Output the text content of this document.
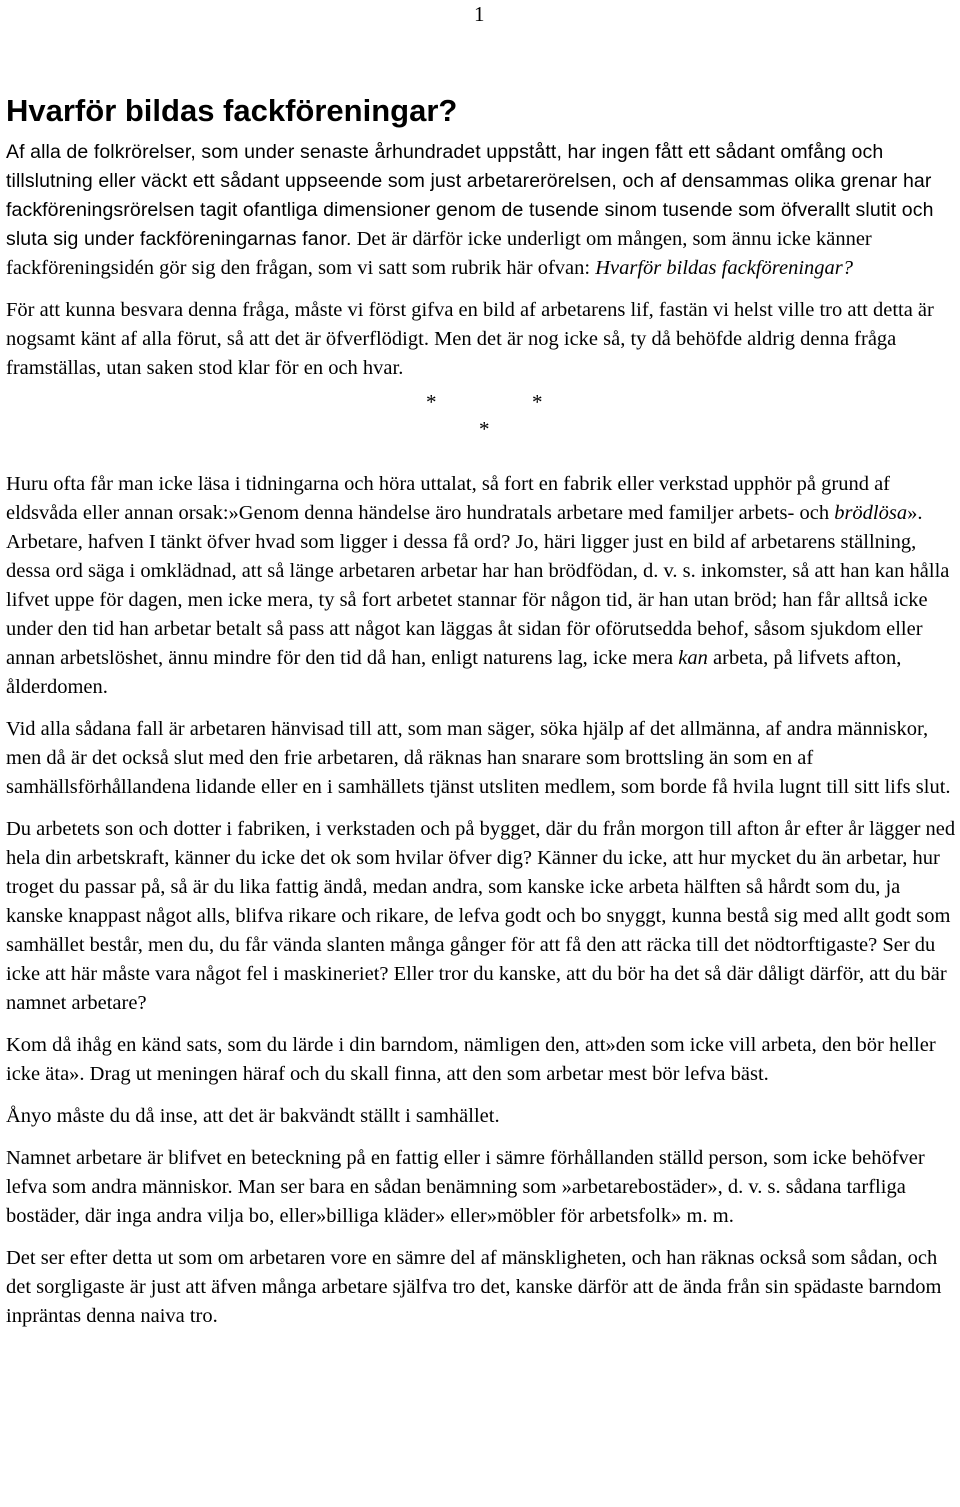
1
Hvarför bildas fackföreningar?

Af alla de folkrörelser, som under senaste århundradet uppstått, har ingen fått ett sådant omfång och tillslutning eller väckt ett sådant uppseende som just arbetarerörelsen, och af densammas olika grenar har fackföreningsrörelsen tagit ofantliga dimensioner genom de tusende sinom tusende som öfverallt slutit och sluta sig under fackföreningarnas fanor. Det är därför icke underligt om mången, som ännu icke känner fackföreningsidén gör sig den frågan, som vi satt som rubrik här ofvan: Hvarför bildas fackföreningar?

För att kunna besvara denna fråga, måste vi först gifva en bild af arbetarens lif, fastän vi helst ville tro att detta är nogsamt känt af alla förut, så att det är öfverflödigt. Men det är nog icke så, ty då behöfde aldrig denna fråga framställas, utan saken stod klar för en och hvar.

*	*
*

Huru ofta får man icke läsa i tidningarna och höra uttalat, så fort en fabrik eller verkstad upphör på grund af eldsvåda eller annan orsak:»Genom denna händelse äro hundratals arbetare med familjer arbets- och brödlösa». Arbetare, hafven I tänkt öfver hvad som ligger i dessa få ord? Jo, häri ligger just en bild af arbetarens ställning, dessa ord säga i omklädnad, att så länge arbetaren arbetar har han brödfödan, d. v. s. inkomster, så att han kan hålla lifvet uppe för dagen, men icke mera, ty så fort arbetet stannar för någon tid, är han utan bröd; han får alltså icke under den tid han arbetar betalt så pass att något kan läggas åt sidan för oförutsedda behof, såsom sjukdom eller annan arbetslöshet, ännu mindre för den tid då han, enligt naturens lag, icke mera kan arbeta, på lifvets afton, ålderdomen.

Vid alla sådana fall är arbetaren hänvisad till att, som man säger, söka hjälp af det allmänna, af andra människor, men då är det också slut med den frie arbetaren, då räknas han snarare som brottsling än som en af samhällsförhållandena lidande eller en i samhällets tjänst utsliten medlem, som borde få hvila lugnt till sitt lifs slut.

Du arbetets son och dotter i fabriken, i verkstaden och på bygget, där du från morgon till afton år efter år lägger ned hela din arbetskraft, känner du icke det ok som hvilar öfver dig? Känner du icke, att hur mycket du än arbetar, hur troget du passar på, så är du lika fattig ändå, medan andra, som kanske icke arbeta hälften så hårdt som du, ja kanske knappast något alls, blifva rikare och rikare, de lefva godt och bo snyggt, kunna bestå sig med allt godt som samhället består, men du, du får vända slanten många gånger för att få den att räcka till det nödtorftigaste? Ser du icke att här måste vara något fel i maskineriet? Eller tror du kanske, att du bör ha det så där dåligt därför, att du bär namnet arbetare?

Kom då ihåg en känd sats, som du lärde i din barndom, nämligen den, att»den som icke vill arbeta, den bör heller icke äta». Drag ut meningen häraf och du skall finna, att den som arbetar mest bör lefva bäst.

Ånyo måste du då inse, att det är bakvändt ställt i samhället.

Namnet arbetare är blifvet en beteckning på en fattig eller i sämre förhållanden ställd person, som icke behöfver lefva som andra människor. Man ser bara en sådan benämning som »arbetarebostäder», d. v. s. sådana tarfliga bostäder, där inga andra vilja bo, eller»billiga kläder» eller»möbler för arbetsfolk» m. m.

Det ser efter detta ut som om arbetaren vore en sämre del af mänskligheten, och han räknas också som sådan, och det sorgligaste är just att äfven många arbetare själfva tro det, kanske därför att de ända från sin spädaste barndom inpräntas denna naiva tro.
